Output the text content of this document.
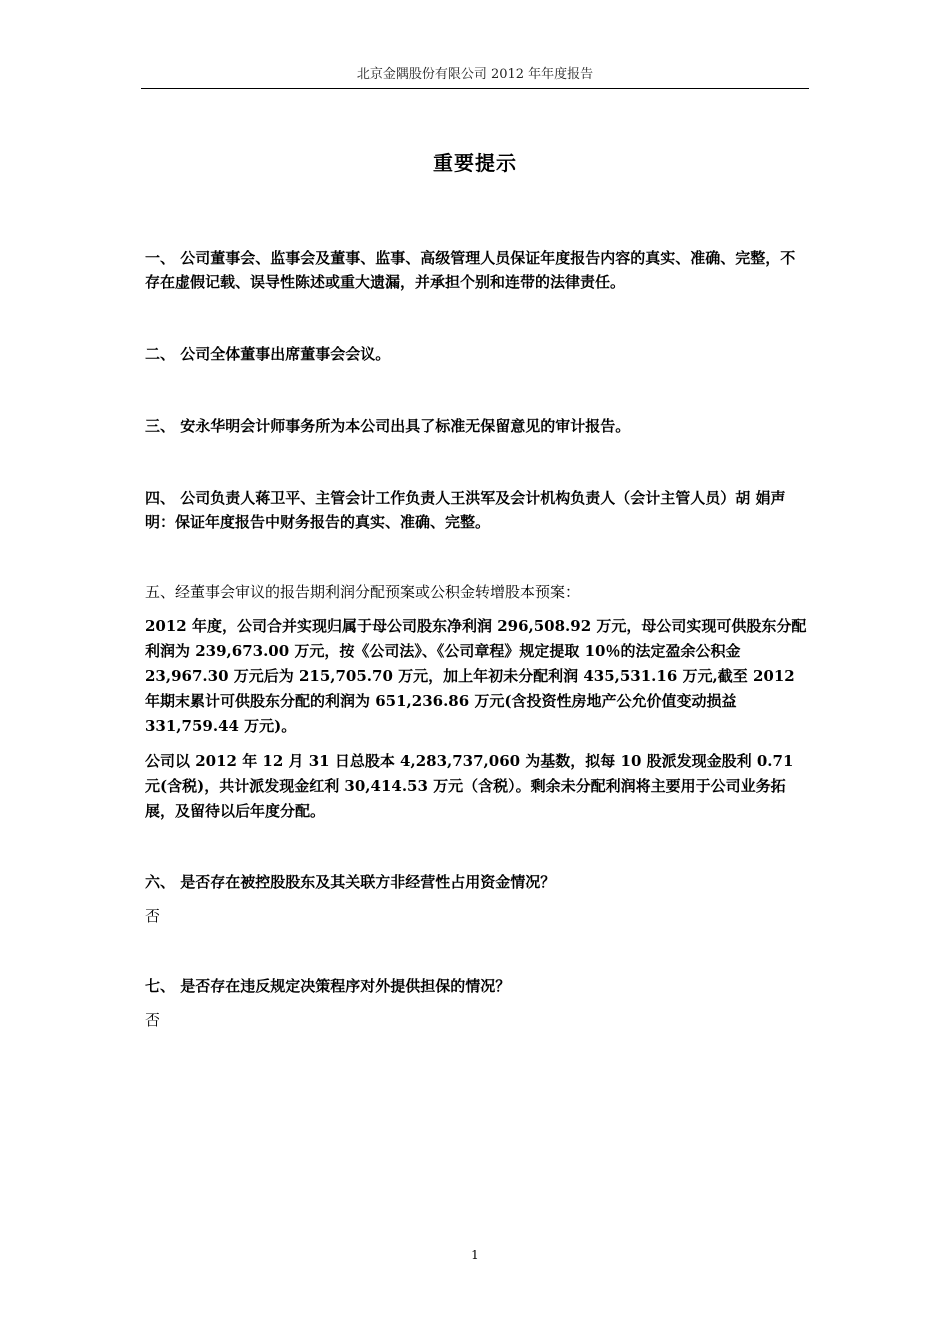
北京金隅股份有限公司 2012 年年度报告
重要提示
一、 公司董事会、监事会及董事、监事、高级管理人员保证年度报告内容的真实、准确、完整，不存在虚假记载、误导性陈述或重大遗漏，并承担个别和连带的法律责任。
二、 公司全体董事出席董事会会议。
三、 安永华明会计师事务所为本公司出具了标准无保留意见的审计报告。
四、 公司负责人蒋卫平、主管会计工作负责人王洪军及会计机构负责人（会计主管人员）胡 娟声明：保证年度报告中财务报告的真实、准确、完整。
五、经董事会审议的报告期利润分配预案或公积金转增股本预案：
2012 年度，公司合并实现归属于母公司股东净利润 296,508.92 万元，母公司实现可供股东分配利润为 239,673.00 万元，按《公司法》、《公司章程》规定提取 10％的法定盈余公积金 23,967.30 万元后为 215,705.70 万元，加上年初未分配利润 435,531.16 万元,截至 2012 年期末累计可供股东分配的利润为 651,236.86 万元(含投资性房地产公允价值变动损益 331,759.44 万元)。
公司以 2012 年 12 月 31 日总股本 4,283,737,060 为基数，拟每 10 股派发现金股利 0.71 元(含税)，共计派发现金红利 30,414.53 万元（含税）。剩余未分配利润将主要用于公司业务拓展，及留待以后年度分配。
六、 是否存在被控股股东及其关联方非经营性占用资金情况？
否
七、 是否存在违反规定决策程序对外提供担保的情况？
否
1
